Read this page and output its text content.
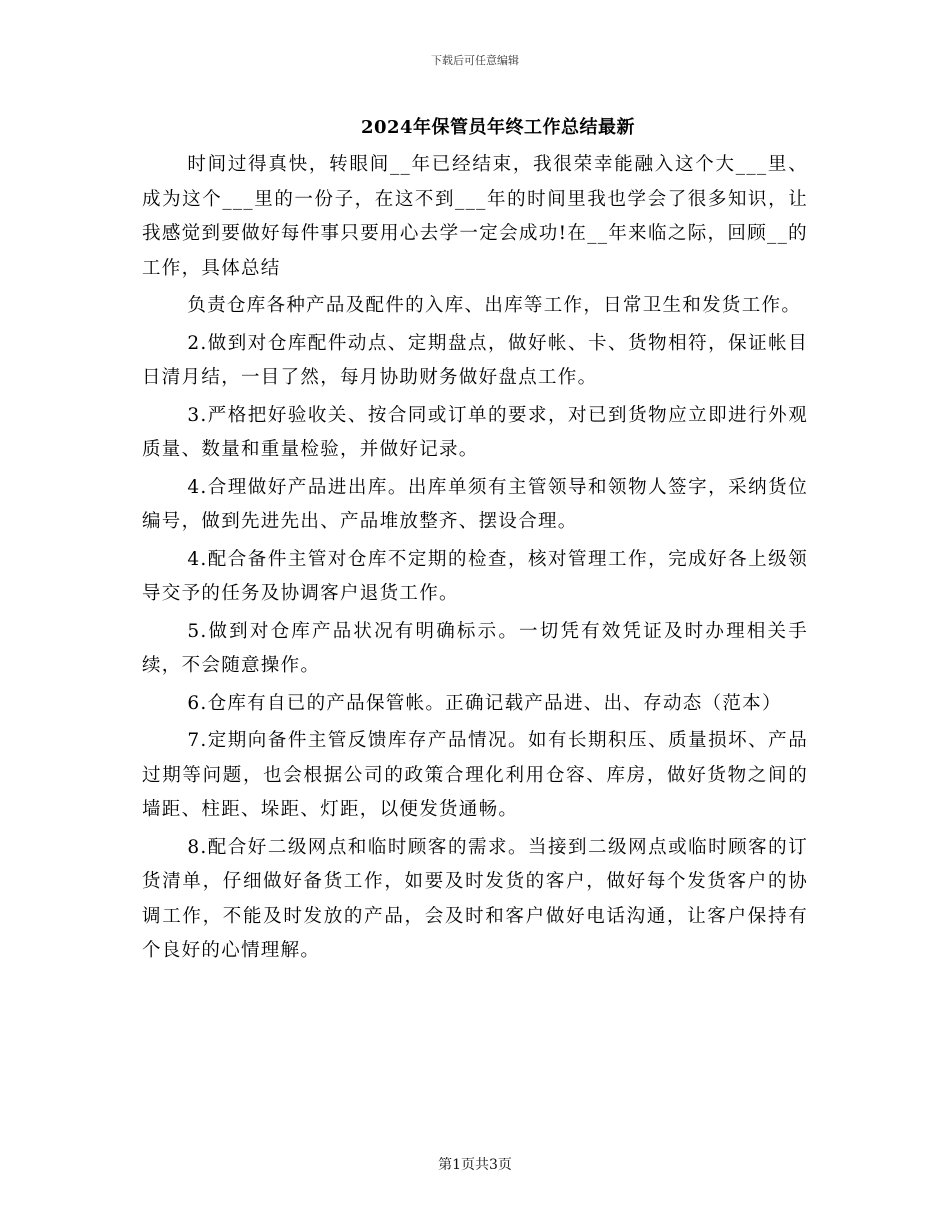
下载后可任意编辑
2024年保管员年终工作总结最新

时间过得真快，转眼间__年已经结束，我很荣幸能融入这个大___里、成为这个___里的一份子，在这不到___年的时间里我也学会了很多知识，让我感觉到要做好每件事只要用心去学一定会成功!在__年来临之际，回顾__的工作，具体总结

负责仓库各种产品及配件的入库、出库等工作，日常卫生和发货工作。

2.做到对仓库配件动点、定期盘点，做好帐、卡、货物相符，保证帐目日清月结，一目了然，每月协助财务做好盘点工作。

3.严格把好验收关、按合同或订单的要求，对已到货物应立即进行外观质量、数量和重量检验，并做好记录。

4.合理做好产品进出库。出库单须有主管领导和领物人签字，采纳货位编号，做到先进先出、产品堆放整齐、摆设合理。

4.配合备件主管对仓库不定期的检查，核对管理工作，完成好各上级领导交予的任务及协调客户退货工作。

5.做到对仓库产品状况有明确标示。一切凭有效凭证及时办理相关手续，不会随意操作。

6.仓库有自已的产品保管帐。正确记载产品进、出、存动态（范本）

7.定期向备件主管反馈库存产品情况。如有长期积压、质量损坏、产品过期等问题，也会根据公司的政策合理化利用仓容、库房，做好货物之间的墙距、柱距、垛距、灯距，以便发货通畅。

8.配合好二级网点和临时顾客的需求。当接到二级网点或临时顾客的订货清单，仔细做好备货工作，如要及时发货的客户，做好每个发货客户的协调工作，不能及时发放的产品，会及时和客户做好电话沟通，让客户保持有个良好的心情理解。

第1页共3页
